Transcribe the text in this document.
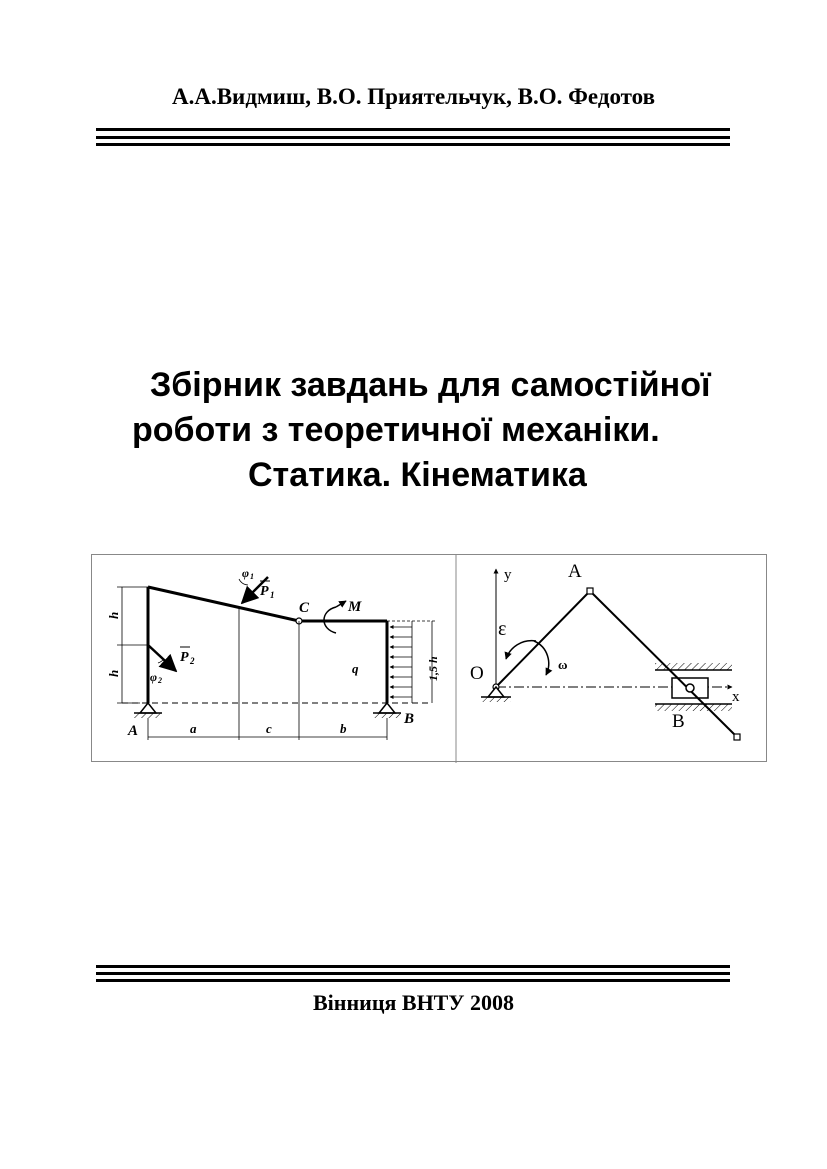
А.А.Видмиш, В.О. Приятельчук, В.О. Федотов
Збірник завдань для самостійної
роботи з теоретичної механіки.
Статика. Кінематика
A
B
C	M
q
P 1
φ 1
P 2
φ 2
h
h	1,5 h
a	c	b
y
x
O
A
B
ε
ω
Вінниця ВНТУ 2008
